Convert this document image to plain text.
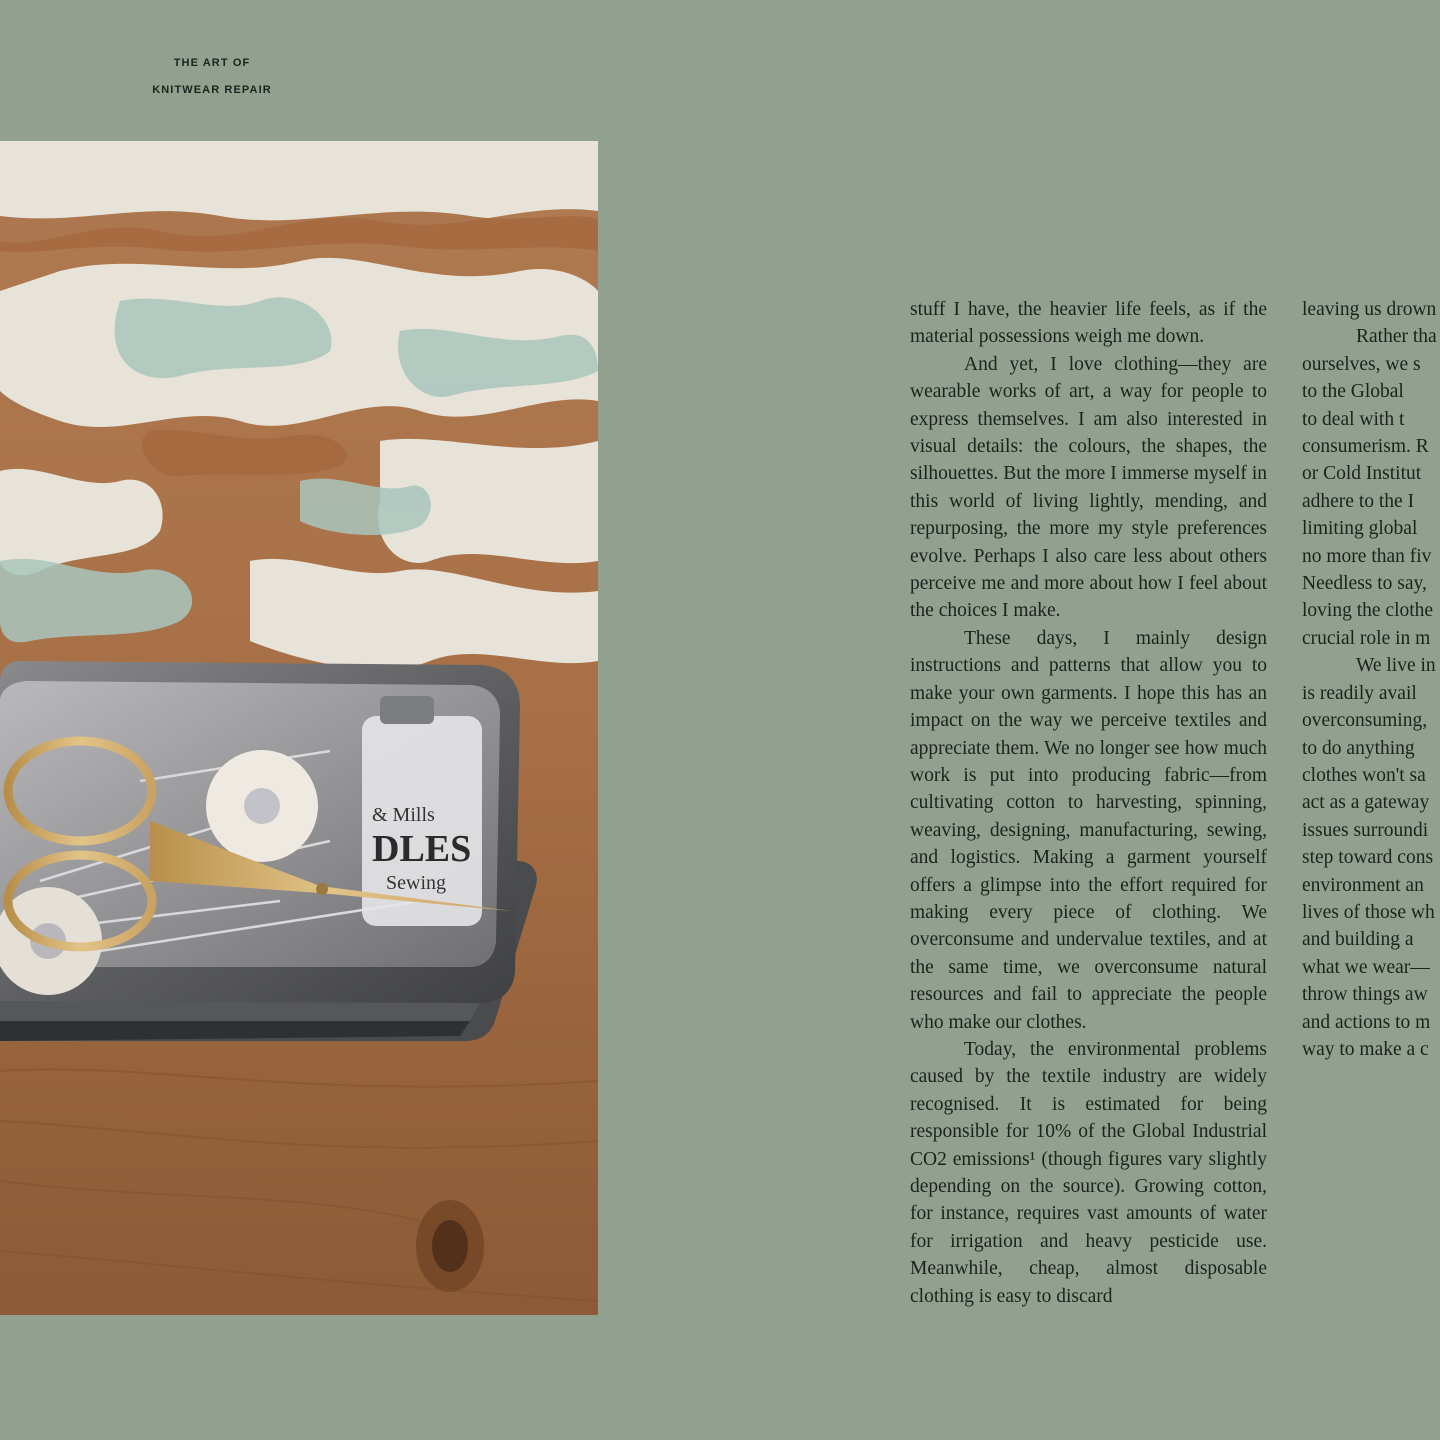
THE ART OF
KNITWEAR REPAIR
& Mills
DLES
Sewing

stuff I have, the heavier life feels, as if the material possessions weigh me down.

And yet, I love clothing—they are wearable works of art, a way for people to express themselves. I am also interested in visual details: the colours, the shapes, the silhouettes. But the more I immerse myself in this world of living lightly, mending, and repurposing, the more my style preferences evolve. Perhaps I also care less about others perceive me and more about how I feel about the choices I make.

These days, I mainly design instructions and patterns that allow you to make your own garments. I hope this has an impact on the way we perceive textiles and appreciate them. We no longer see how much work is put into producing fabric—from cultivating cotton to harvesting, spinning, weaving, designing, manufacturing, sewing, and logistics. Making a garment yourself offers a glimpse into the effort required for making every piece of clothing. We overconsume and undervalue textiles, and at the same time, we overconsume natural resources and fail to appreciate the people who make our clothes.

Today, the environmental problems caused by the textile industry are widely recognised. It is estimated for being responsible for 10% of the Global Industrial CO2 emissions¹ (though figures vary slightly depending on the source). Growing cotton, for instance, requires vast amounts of water for irrigation and heavy pesticide use. Meanwhile, cheap, almost disposable clothing is easy to discard

leaving us drown
Rather tha
ourselves, we s
to the Global
to deal with t
consumerism. R
or Cold Institut
adhere to the I
limiting global
no more than fiv
Needless to say,
loving the clothe
crucial role in m
We live in
is readily avail
overconsuming,
to do anything
clothes won't sa
act as a gateway
issues surroundi
step toward cons
environment an
lives of those wh
and building a
what we wear—
throw things aw
and actions to m
way to make a c
